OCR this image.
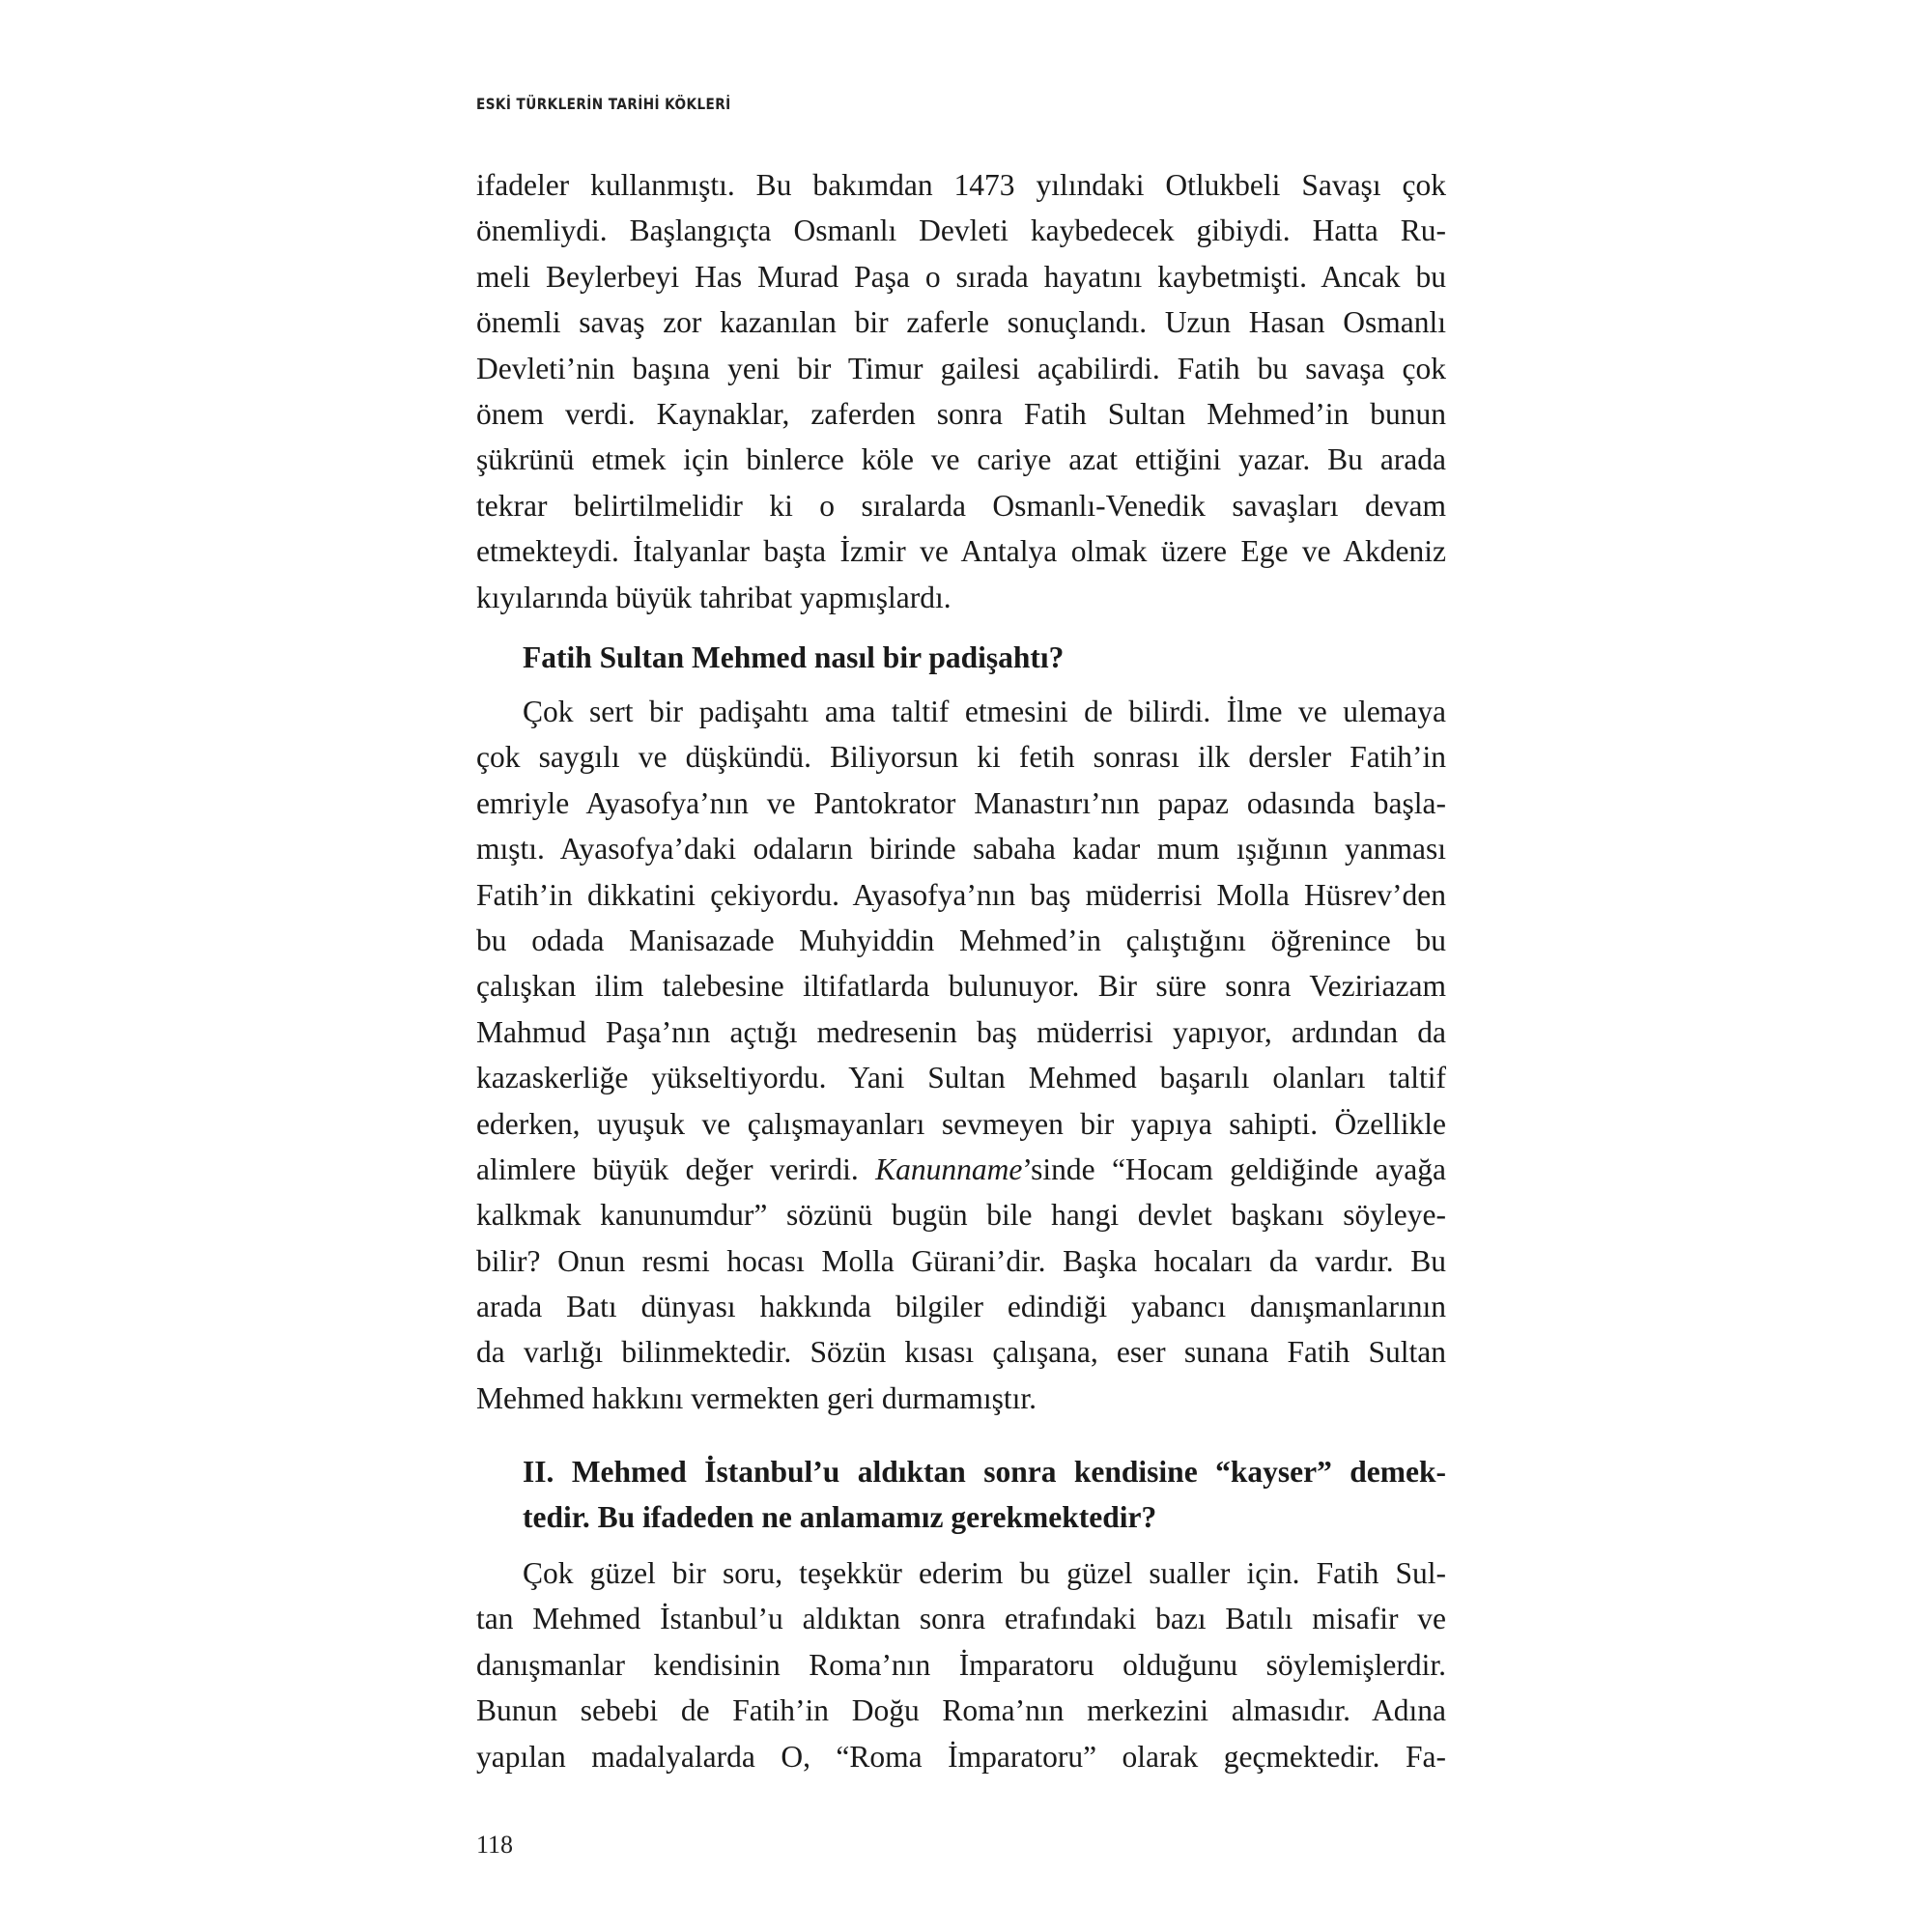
ESKİ TÜRKLERİN TARİHİ KÖKLERİ
ifadeler kullanmıştı. Bu bakımdan 1473 yılındaki Otlukbeli Savaşı çok
önemliydi. Başlangıçta Osmanlı Devleti kaybedecek gibiydi. Hatta Ru-
meli Beylerbeyi Has Murad Paşa o sırada hayatını kaybetmişti. Ancak bu
önemli savaş zor kazanılan bir zaferle sonuçlandı. Uzun Hasan Osmanlı
Devleti’nin başına yeni bir Timur gailesi açabilirdi. Fatih bu savaşa çok
önem verdi. Kaynaklar, zaferden sonra Fatih Sultan Mehmed’in bunun
şükrünü etmek için binlerce köle ve cariye azat ettiğini yazar. Bu arada
tekrar belirtilmelidir ki o sıralarda Osmanlı-Venedik savaşları devam
etmekteydi. İtalyanlar başta İzmir ve Antalya olmak üzere Ege ve Akdeniz
kıyılarında büyük tahribat yapmışlardı.
Fatih Sultan Mehmed nasıl bir padişahtı?
Çok sert bir padişahtı ama taltif etmesini de bilirdi. İlme ve ulemaya
çok saygılı ve düşkündü. Biliyorsun ki fetih sonrası ilk dersler Fatih’in
emriyle Ayasofya’nın ve Pantokrator Manastırı’nın papaz odasında başla-
mıştı. Ayasofya’daki odaların birinde sabaha kadar mum ışığının yanması
Fatih’in dikkatini çekiyordu. Ayasofya’nın baş müderrisi Molla Hüsrev’den
bu odada Manisazade Muhyiddin Mehmed’in çalıştığını öğrenince bu
çalışkan ilim talebesine iltifatlarda bulunuyor. Bir süre sonra Veziriazam
Mahmud Paşa’nın açtığı medresenin baş müderrisi yapıyor, ardından da
kazaskerliğe yükseltiyordu. Yani Sultan Mehmed başarılı olanları taltif
ederken, uyuşuk ve çalışmayanları sevmeyen bir yapıya sahipti. Özellikle
alimlere büyük değer verirdi. Kanunname’sinde “Hocam geldiğinde ayağa
kalkmak kanunumdur” sözünü bugün bile hangi devlet başkanı söyleye-
bilir? Onun resmi hocası Molla Gürani’dir. Başka hocaları da vardır. Bu
arada Batı dünyası hakkında bilgiler edindiği yabancı danışmanlarının
da varlığı bilinmektedir. Sözün kısası çalışana, eser sunana Fatih Sultan
Mehmed hakkını vermekten geri durmamıştır.
II. Mehmed İstanbul’u aldıktan sonra kendisine “kayser” demek-
tedir. Bu ifadeden ne anlamamız gerekmektedir?
Çok güzel bir soru, teşekkür ederim bu güzel sualler için. Fatih Sul-
tan Mehmed İstanbul’u aldıktan sonra etrafındaki bazı Batılı misafir ve
danışmanlar kendisinin Roma’nın İmparatoru olduğunu söylemişlerdir.
Bunun sebebi de Fatih’in Doğu Roma’nın merkezini almasıdır. Adına
yapılan madalyalarda O, “Roma İmparatoru” olarak geçmektedir. Fa-
118
